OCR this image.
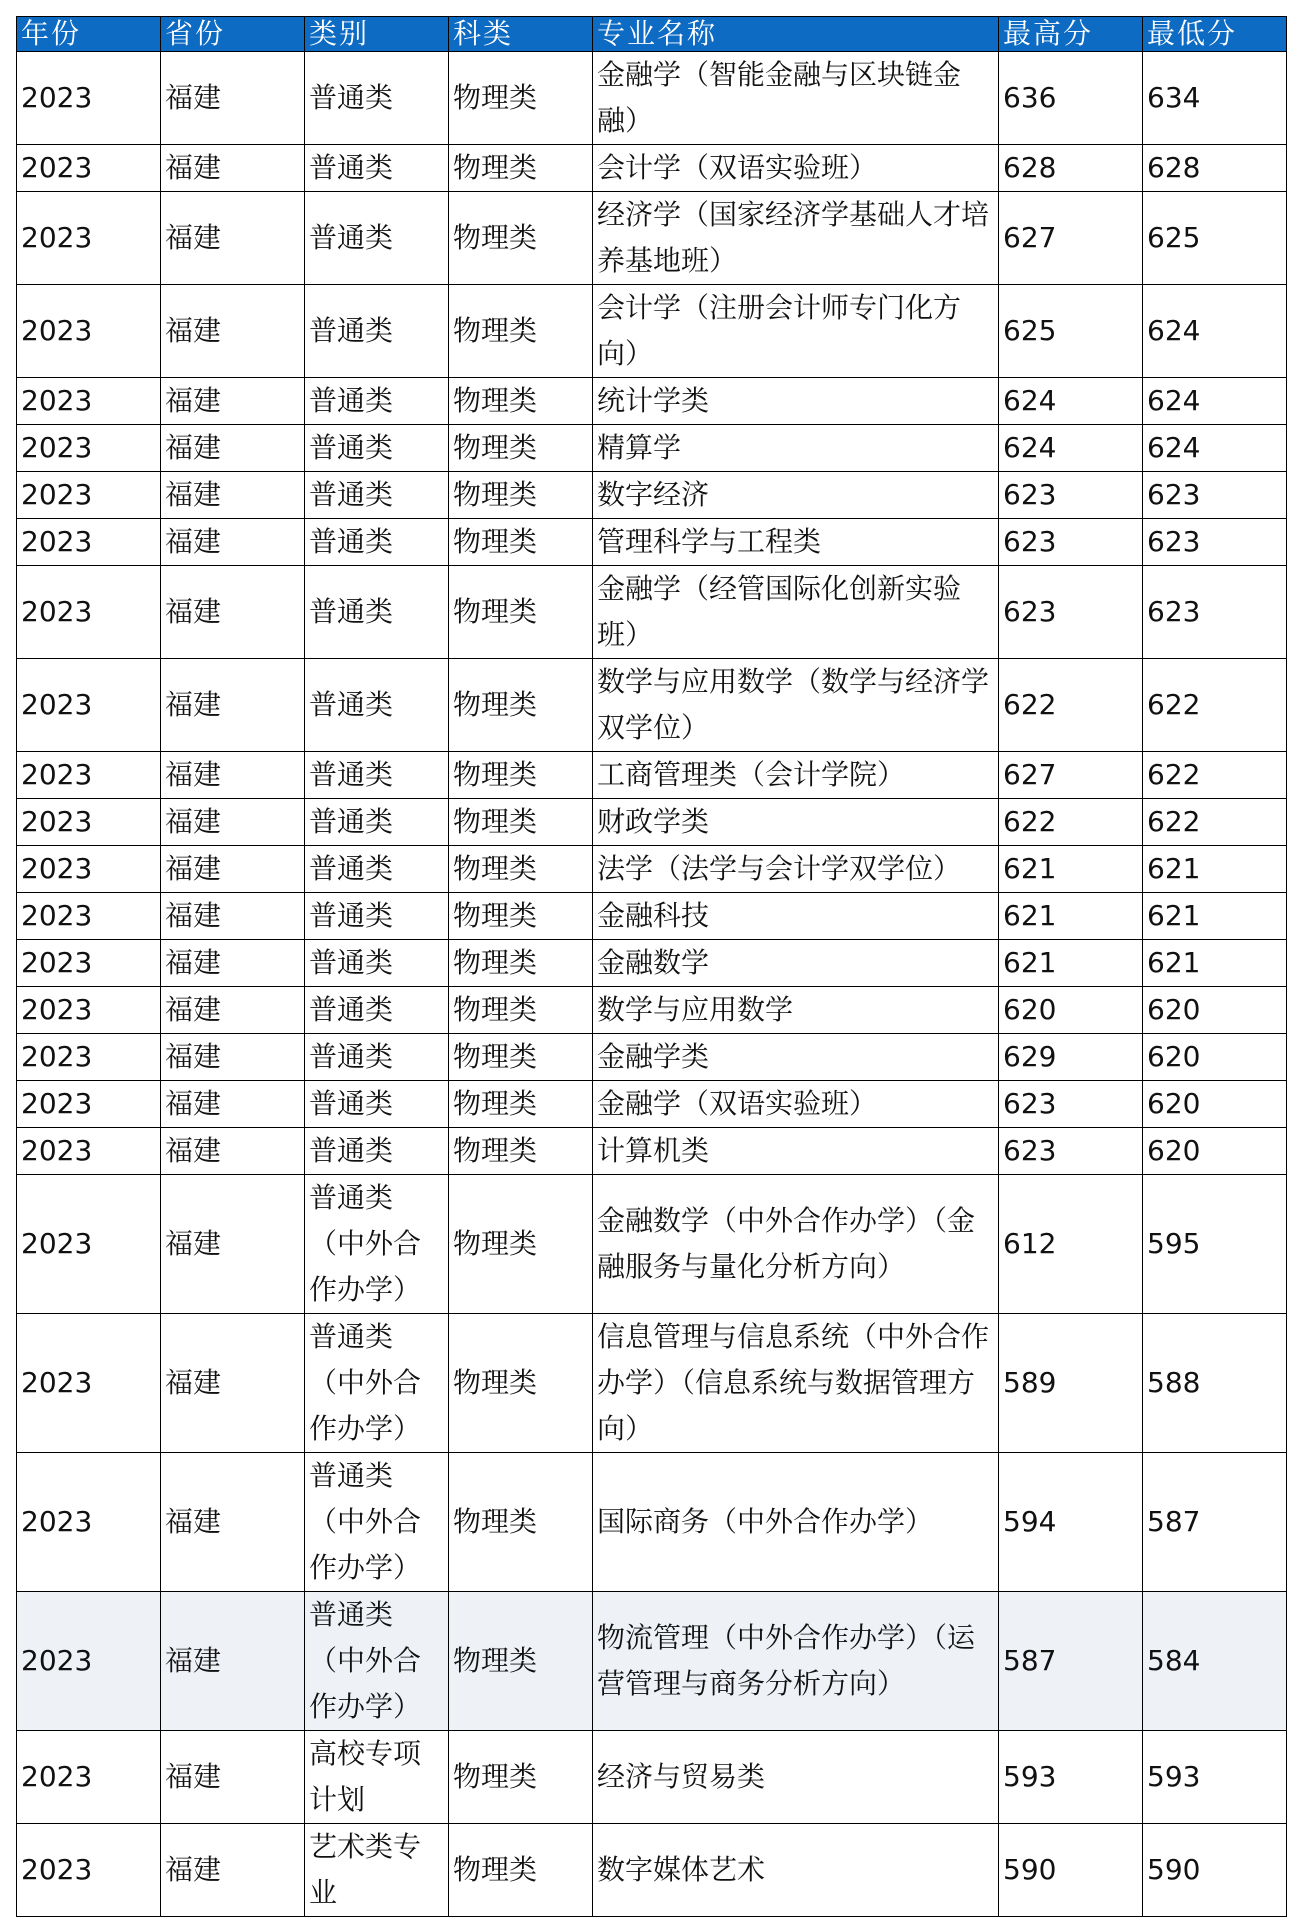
年份	省份	类别	科类	专业名称	最高分	最低分
2023	福建	普通类	物理类	金融学（智能金融与区块链金融）	636	634
2023	福建	普通类	物理类	会计学（双语实验班）	628	628
2023	福建	普通类	物理类	经济学（国家经济学基础人才培养基地班）	627	625
2023	福建	普通类	物理类	会计学（注册会计师专门化方向）	625	624
2023	福建	普通类	物理类	统计学类	624	624
2023	福建	普通类	物理类	精算学	624	624
2023	福建	普通类	物理类	数字经济	623	623
2023	福建	普通类	物理类	管理科学与工程类	623	623
2023	福建	普通类	物理类	金融学（经管国际化创新实验班）	623	623
2023	福建	普通类	物理类	数学与应用数学（数学与经济学双学位）	622	622
2023	福建	普通类	物理类	工商管理类（会计学院）	627	622
2023	福建	普通类	物理类	财政学类	622	622
2023	福建	普通类	物理类	法学（法学与会计学双学位）	621	621
2023	福建	普通类	物理类	金融科技	621	621
2023	福建	普通类	物理类	金融数学	621	621
2023	福建	普通类	物理类	数学与应用数学	620	620
2023	福建	普通类	物理类	金融学类	629	620
2023	福建	普通类	物理类	金融学（双语实验班）	623	620
2023	福建	普通类	物理类	计算机类	623	620
2023	福建	普通类（中外合作办学）	物理类	金融数学（中外合作办学）（金融服务与量化分析方向）	612	595
2023	福建	普通类（中外合作办学）	物理类	信息管理与信息系统（中外合作办学）（信息系统与数据管理方向）	589	588
2023	福建	普通类（中外合作办学）	物理类	国际商务（中外合作办学）	594	587
2023	福建	普通类（中外合作办学）	物理类	物流管理（中外合作办学）（运营管理与商务分析方向）	587	584
2023	福建	高校专项计划	物理类	经济与贸易类	593	593
2023	福建	艺术类专业	物理类	数字媒体艺术	590	590
